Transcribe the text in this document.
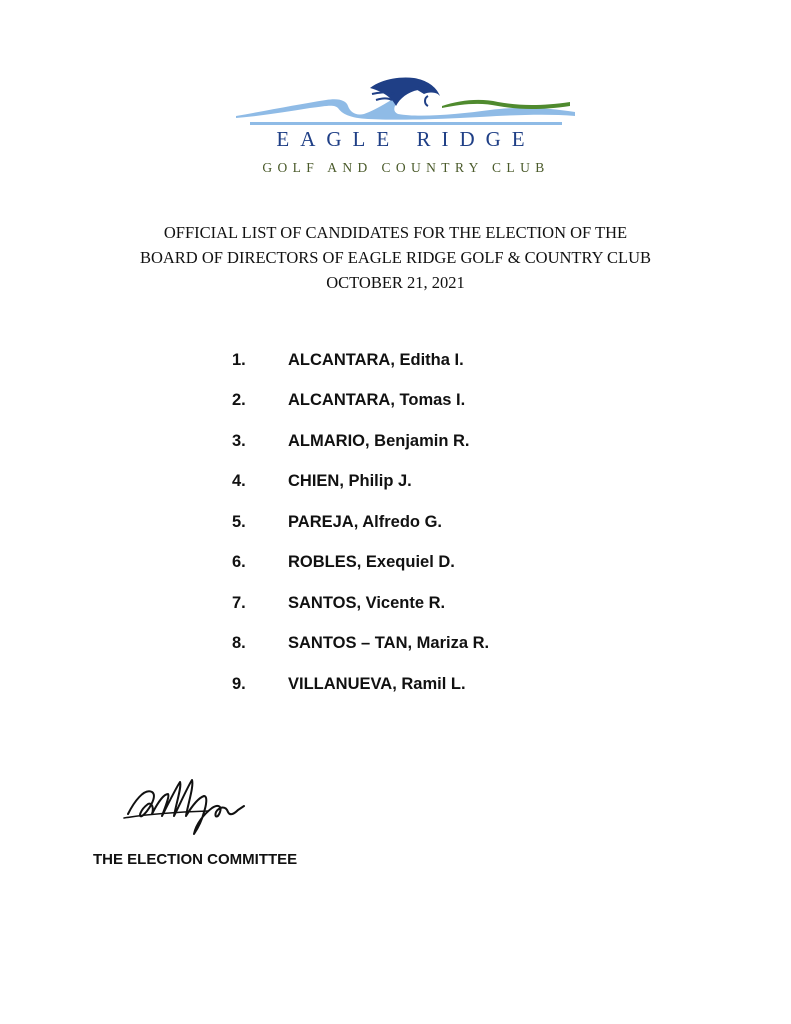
EAGLE RIDGE
GOLF AND COUNTRY CLUB
OFFICIAL LIST OF CANDIDATES FOR THE ELECTION OF THE
BOARD OF DIRECTORS OF EAGLE RIDGE GOLF & COUNTRY CLUB
OCTOBER 21, 2021
1.	ALCANTARA, Editha I.
2.	ALCANTARA, Tomas I.
3.	ALMARIO, Benjamin R.
4.	CHIEN, Philip J.
5.	PAREJA, Alfredo G.
6.	ROBLES, Exequiel D.
7.	SANTOS, Vicente R.
8.	SANTOS – TAN, Mariza R.
9.	VILLANUEVA, Ramil L.
THE ELECTION COMMITTEE
